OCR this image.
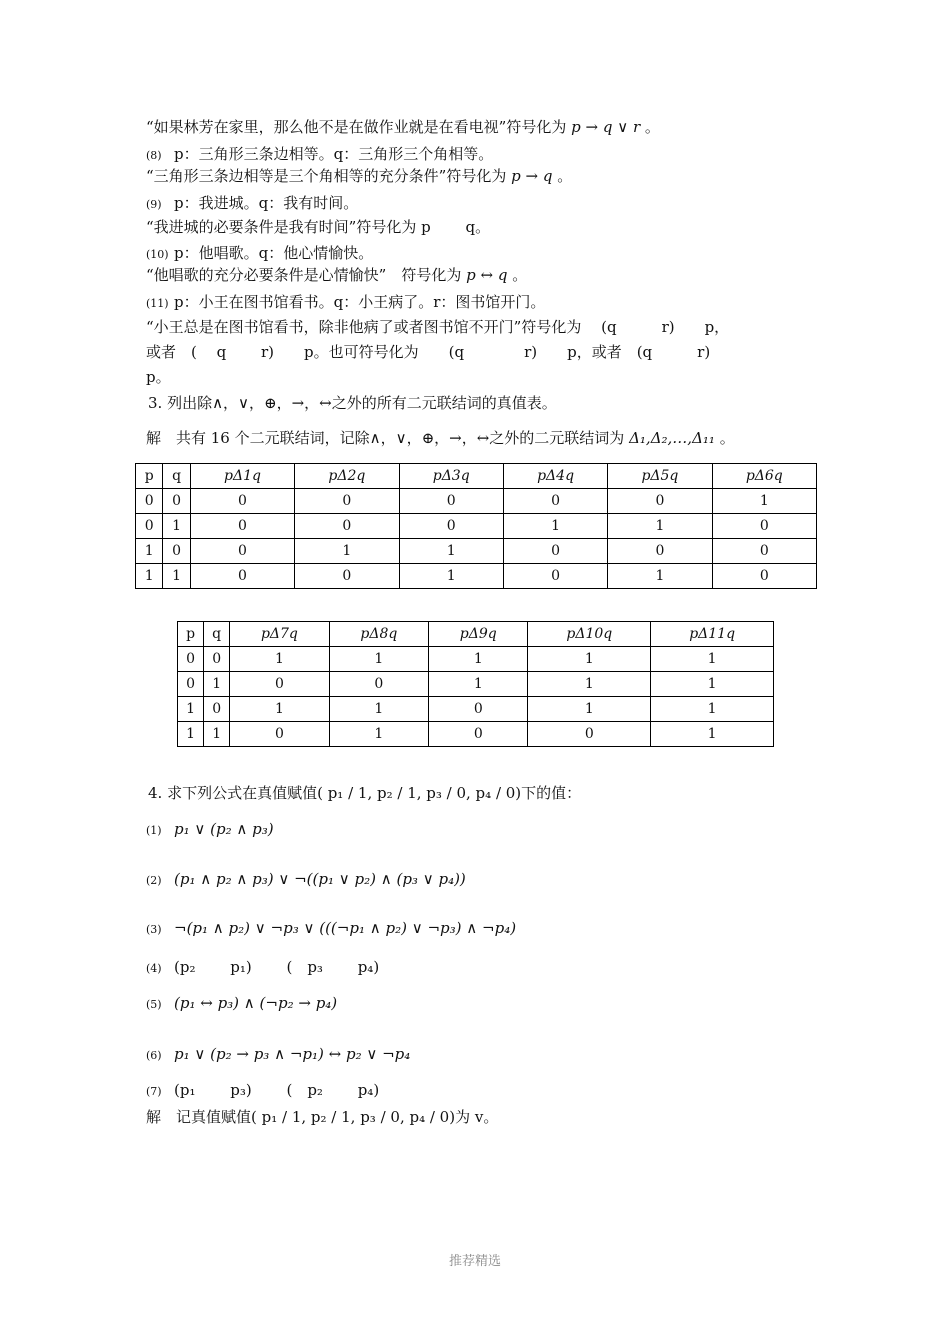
“如果林芳在家里，那么他不是在做作业就是在看电视”符号化为 p → q ∨ r 。
(8) p：三角形三条边相等。q：三角形三个角相等。
“三角形三条边相等是三个角相等的充分条件”符号化为 p → q 。
(9) p：我进城。q：我有时间。
“我进城的必要条件是我有时间”符号化为 p　　 q。
(10) p：他唱歌。q：他心情愉快。
“他唱歌的充分必要条件是心情愉快”　符号化为 p ↔ q 。
(11) p：小王在图书馆看书。q：小王病了。r：图书馆开门。
“小王总是在图书馆看书，除非他病了或者图书馆不开门”符号化为　 (q　　　r)　　p，
或者　(　 q　　 r)　　p。也可符号化为　　(q　　　　r)　　p，或者　(q　　　r)
p。
3. 列出除∧，∨，⊕，→，↔之外的所有二元联结词的真值表。
解　共有 16 个二元联结词，记除∧，∨，⊕，→，↔之外的二元联结词为 Δ₁,Δ₂,…,Δ₁₁ 。
p	q	pΔ1q	pΔ2q	pΔ3q	pΔ4q	pΔ5q	pΔ6q
0	0	0	0	0	0	0	1
0	1	0	0	0	1	1	0
1	0	0	1	1	0	0	0
1	1	0	0	1	0	1	0
p	q	pΔ7q	pΔ8q	pΔ9q	pΔ10q	pΔ11q
0	0	1	1	1	1	1
0	1	0	0	1	1	1
1	0	1	1	0	1	1
1	1	0	1	0	0	1
4. 求下列公式在真值赋值( p₁ / 1, p₂ / 1, p₃ / 0, p₄ / 0)下的值：
(1) p₁ ∨ (p₂ ∧ p₃)
(2) (p₁ ∧ p₂ ∧ p₃) ∨ ¬((p₁ ∨ p₂) ∧ (p₃ ∨ p₄))
(3) ¬(p₁ ∧ p₂) ∨ ¬p₃ ∨ (((¬p₁ ∧ p₂) ∨ ¬p₃) ∧ ¬p₄)
(4) (p₂　　 p₁)　　 (　p₃　　 p₄)
(5) (p₁ ↔ p₃) ∧ (¬p₂ → p₄)
(6) p₁ ∨ (p₂ → p₃ ∧ ¬p₁) ↔ p₂ ∨ ¬p₄
(7) (p₁　　 p₃)　　 (　p₂　　 p₄)
解　记真值赋值( p₁ / 1, p₂ / 1, p₃ / 0, p₄ / 0)为 v。
推荐精选
